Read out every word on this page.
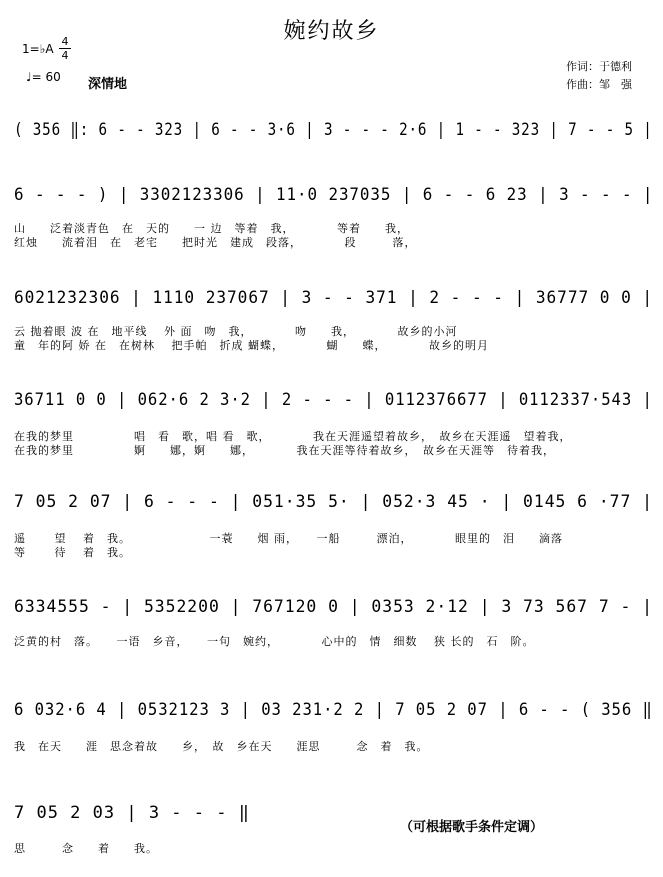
婉约故乡
1=♭A
4
4
♩= 60 深情地
作词：于德利
作曲：邹　强
( 356 ‖: 6 - - 323 | 6 - - 3·6 | 3 - - - 2·6 | 1 - - 323 | 7 - - 5 |
6 - - - ) | 3302123306 | 11·0 237035 | 6 - - 6 23 | 3 - - - |
山　　泛着淡青色　在　天的　　一 边　等着　我，　　　　等着　　我，
红烛　　流着泪　在　老宅　　把时光　建成　段落，　　　　段　　　落，
6021232306 | 1110 237067 | 3 - - 371 | 2 - - - | 36777 0 0 |
云 抛着眼 波 在　地平线　 外 面　吻　我，　　　　吻　　我，　　　　故乡的小河
童　年的阿 娇 在　在树林　 把手帕　折成 蝴蝶，　　　　蝴　　蝶，　　　　故乡的明月
36711 0 0 | 062·6 2 3·2 | 2 - - - | 0112376677 | 0112337·543 |
在我的梦里　　　　　唱　看　歌，唱 看　歌，　　　　我在天涯遥望着故乡，　故乡在天涯遥　望着我，
在我的梦里　　　　　婀　　娜，婀　　娜，　　　　我在天涯等待着故乡，　故乡在天涯等　待着我，
7 05 2 07 | 6 - - - | 051·35 5· | 052·3 45 · | 0145 6 ·77 |
遥　　 望　 着　我。　　　　　　　一蓑　　烟 雨，　　一船　　　漂泊，　　　　眼里的　泪　　滴落
等　　 待　 着　我。
6334555 - | 5352200 | 767120 0 | 0353 2·12 | 3 73 567 7 - |
泛黄的村　落。　　一语　乡音，　　一句　婉约，　　　　心中的　情　细数　 狭 长的　石　阶。
6 032·6 4 | 0532123 3 | 03 231·2 2 | 7 05 2 07 | 6 - - ( 356 ‖
我　在天　　涯　思念着故　　乡，　故　乡在天　　涯思　　　念　着　我。
7 05 2 03 | 3 - - - ‖
思　　　念　　着　　我。
（可根据歌手条件定调）
